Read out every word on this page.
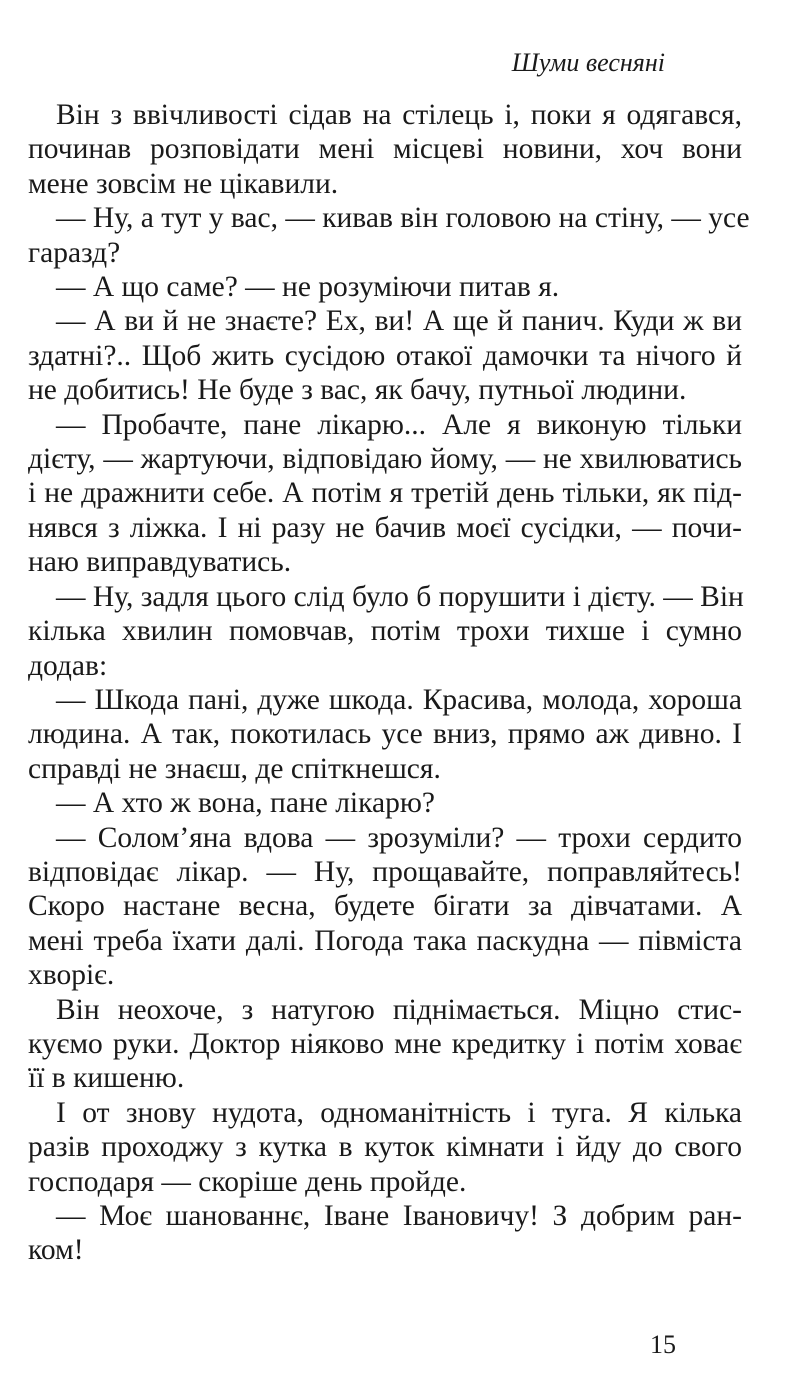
Шуми весняні
Він з ввічливості сідав на стілець і, поки я одягався,
починав розповідати мені місцеві новини, хоч вони
мене зовсім не цікавили.
— Ну, а тут у вас, — кивав він головою на стіну, — усе
гаразд?
— А що саме? — не розуміючи питав я.
— А ви й не знаєте? Ех, ви! А ще й панич. Куди ж ви
здатні?.. Щоб жить сусідою отакої дамочки та нічого й
не добитись! Не буде з вас, як бачу, путньої людини.
— Пробачте, пане лікарю... Але я виконую тільки
дієту, — жартуючи, відповідаю йому, — не хвилюватись
і не дражнити себе. А потім я третій день тільки, як під-
нявся з ліжка. І ні разу не бачив моєї сусідки, — почи-
наю виправдуватись.
— Ну, задля цього слід було б порушити і дієту. — Він
кілька хвилин помовчав, потім трохи тихше і сумно
додав:
— Шкода пані, дуже шкода. Красива, молода, хороша
людина. А так, покотилась усе вниз, прямо аж дивно. І
справді не знаєш, де спіткнешся.
— А хто ж вона, пане лікарю?
— Солом’яна вдова — зрозуміли? — трохи сердито
відповідає лікар. — Ну, прощавайте, поправляйтесь!
Скоро настане весна, будете бігати за дівчатами. А
мені треба їхати далі. Погода така паскудна — півміста
хворіє.
Він неохоче, з натугою піднімається. Міцно стис-
куємо руки. Доктор ніяково мне кредитку і потім ховає
її в кишеню.
І от знову нудота, одноманітність і туга. Я кілька
разів проходжу з кутка в куток кімнати і йду до свого
господаря — скоріше день пройде.
— Моє шанованнє, Іване Івановичу! З добрим ран-
ком!
15
